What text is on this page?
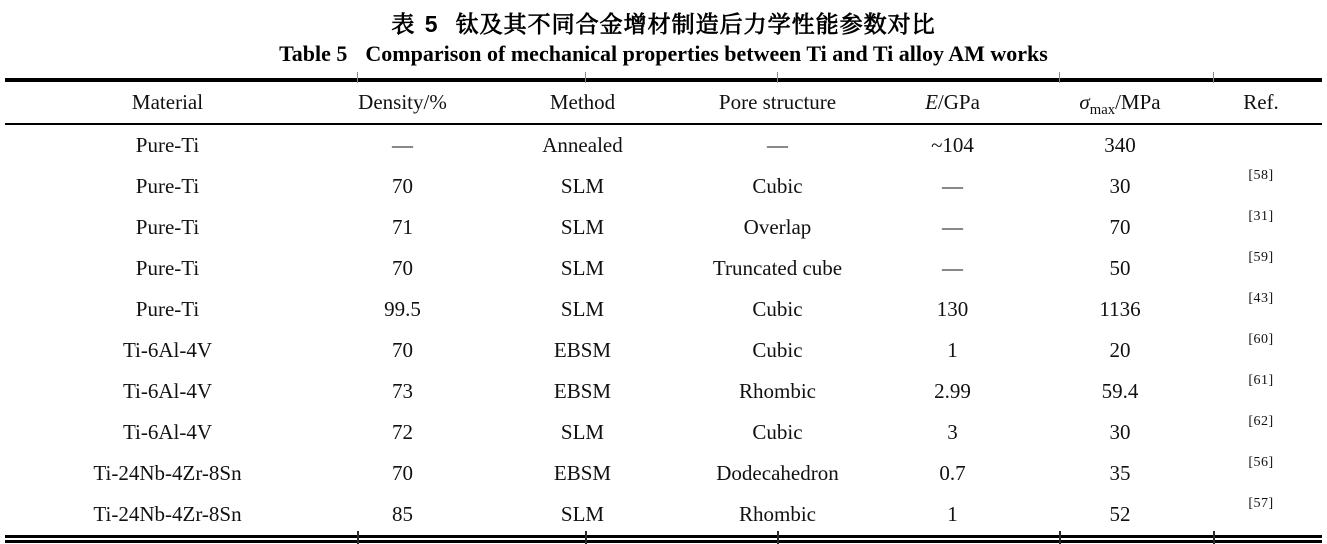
表 5 钛及其不同合金增材制造后力学性能参数对比
Table 5 Comparison of mechanical properties between Ti and Ti alloy AM works
Material	Density/%	Method	Pore structure	E/GPa	$\sigma_{max}$/MPa	Ref.
Pure-Ti	—	Annealed	—	~104	340	
Pure-Ti	70	SLM	Cubic	—	30	[58]
Pure-Ti	71	SLM	Overlap	—	70	[31]
Pure-Ti	70	SLM	Truncated cube	—	50	[59]
Pure-Ti	99.5	SLM	Cubic	130	1136	[43]
Ti-6Al-4V	70	EBSM	Cubic	1	20	[60]
Ti-6Al-4V	73	EBSM	Rhombic	2.99	59.4	[61]
Ti-6Al-4V	72	SLM	Cubic	3	30	[62]
Ti-24Nb-4Zr-8Sn	70	EBSM	Dodecahedron	0.7	35	[56]
Ti-24Nb-4Zr-8Sn	85	SLM	Rhombic	1	52	[57]
